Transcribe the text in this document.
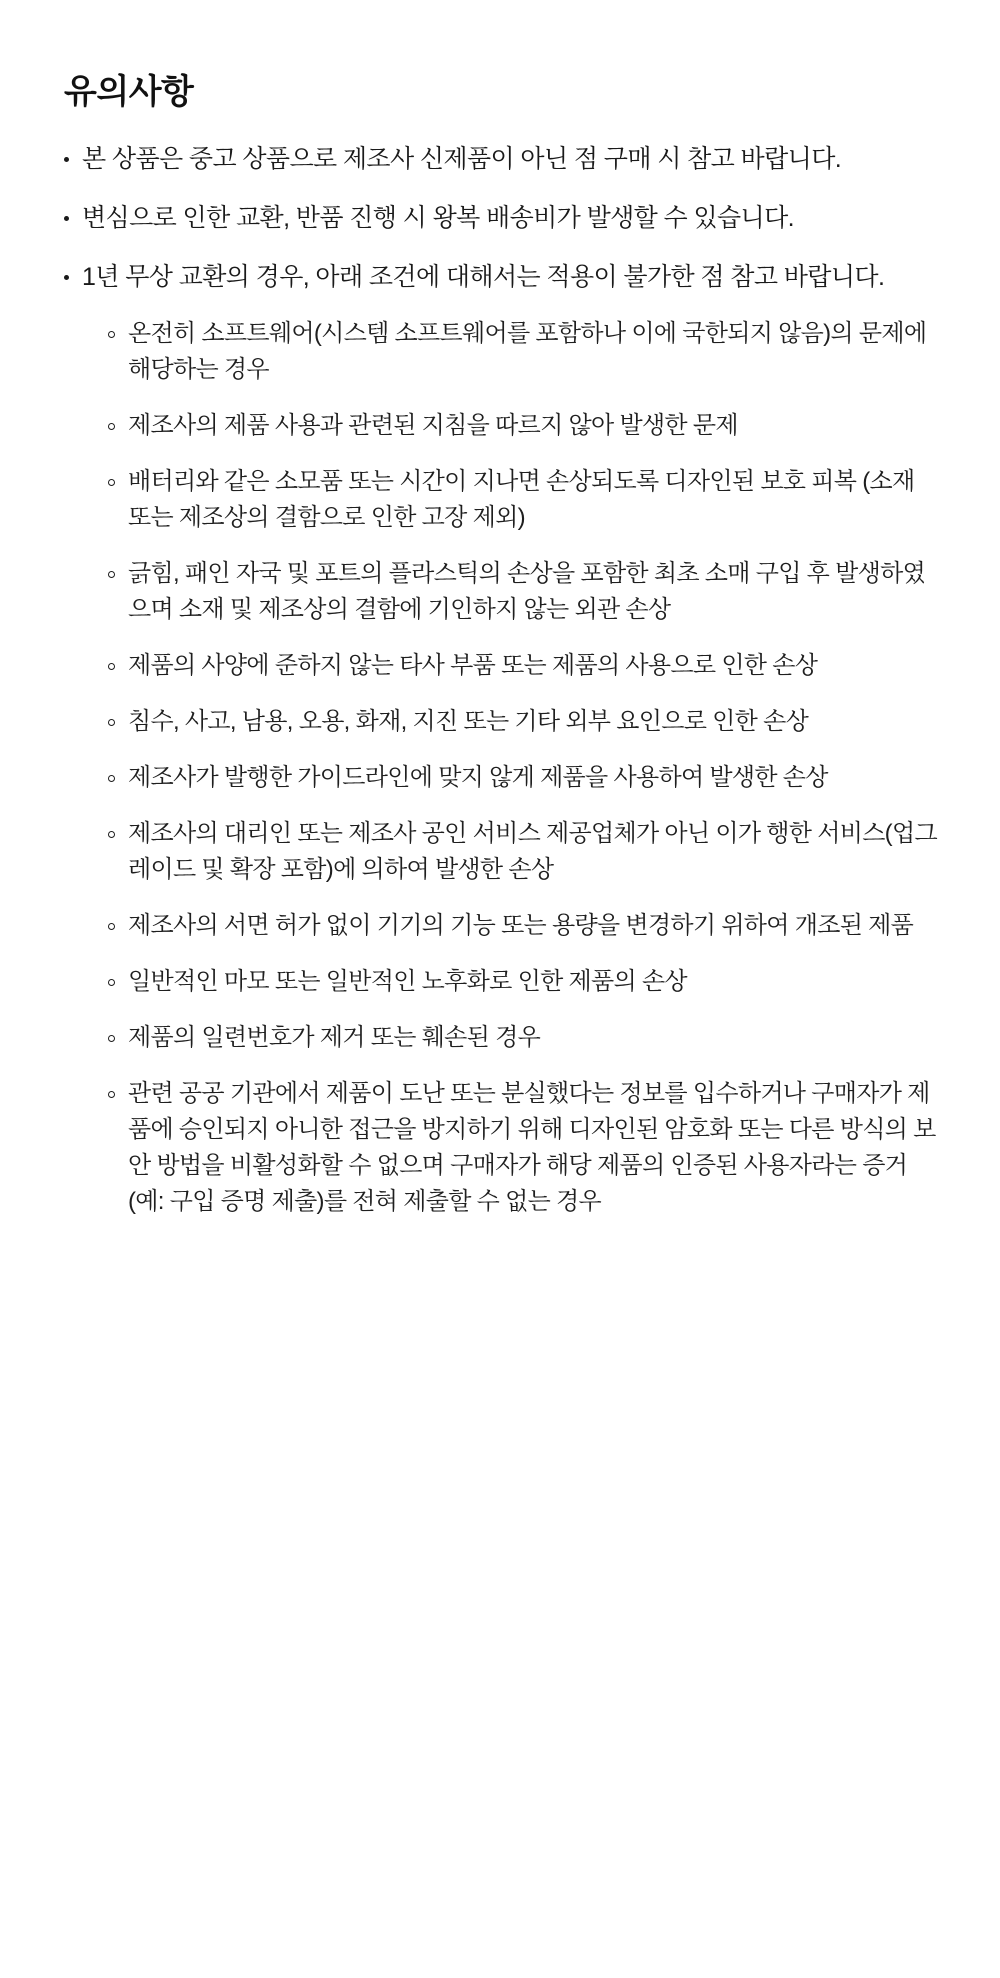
유의사항
본 상품은 중고 상품으로 제조사 신제품이 아닌 점 구매 시 참고 바랍니다.
변심으로 인한 교환, 반품 진행 시 왕복 배송비가 발생할 수 있습니다.
1년 무상 교환의 경우, 아래 조건에 대해서는 적용이 불가한 점 참고 바랍니다.
온전히 소프트웨어(시스템 소프트웨어를 포함하나 이에 국한되지 않음)의 문제에 해당하는 경우
제조사의 제품 사용과 관련된 지침을 따르지 않아 발생한 문제
배터리와 같은 소모품 또는 시간이 지나면 손상되도록 디자인된 보호 피복 (소재 또는 제조상의 결함으로 인한 고장 제외)
긁힘, 패인 자국 및 포트의 플라스틱의 손상을 포함한 최초 소매 구입 후 발생하였으며 소재 및 제조상의 결함에 기인하지 않는 외관 손상
제품의 사양에 준하지 않는 타사 부품 또는 제품의 사용으로 인한 손상
침수, 사고, 남용, 오용, 화재, 지진 또는 기타 외부 요인으로 인한 손상
제조사가 발행한 가이드라인에 맞지 않게 제품을 사용하여 발생한 손상
제조사의 대리인 또는 제조사 공인 서비스 제공업체가 아닌 이가 행한 서비스(업그레이드 및 확장 포함)에 의하여 발생한 손상
제조사의 서면 허가 없이 기기의 기능 또는 용량을 변경하기 위하여 개조된 제품
일반적인 마모 또는 일반적인 노후화로 인한 제품의 손상
제품의 일련번호가 제거 또는 훼손된 경우
관련 공공 기관에서 제품이 도난 또는 분실했다는 정보를 입수하거나 구매자가 제품에 승인되지 아니한 접근을 방지하기 위해 디자인된 암호화 또는 다른 방식의 보안 방법을 비활성화할 수 없으며 구매자가 해당 제품의 인증된 사용자라는 증거(예: 구입 증명 제출)를 전혀 제출할 수 없는 경우
